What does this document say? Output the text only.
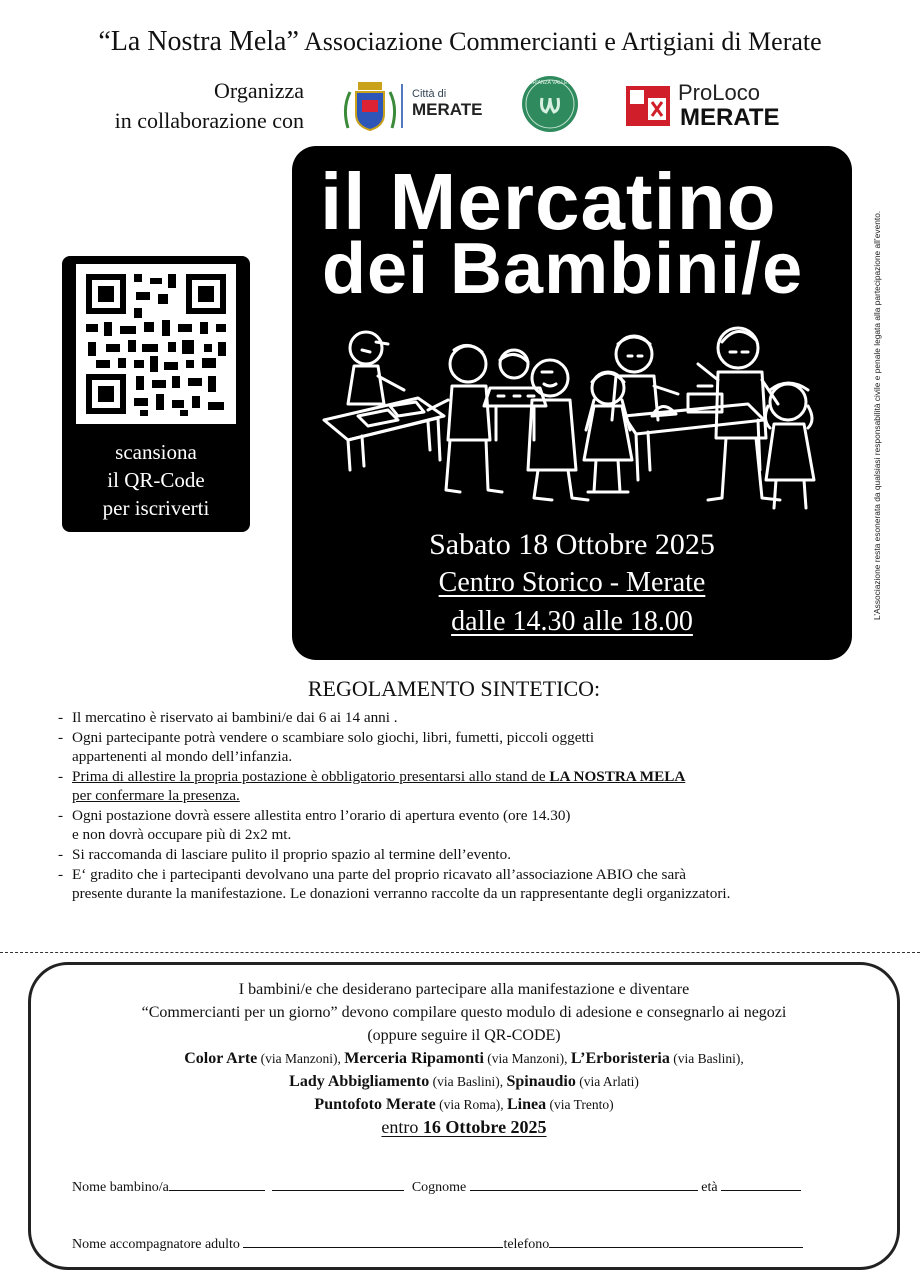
“La Nostra Mela” Associazione Commercianti e Artigiani di Merate
Organizza
in collaborazione con
Città di
MERATE
BRIANZA VALLEY	ProLoco
MERATE
scansiona
il QR-Code
per iscriverti
il Mercatino
dei Bambini/e
Sabato 18 Ottobre 2025
Centro Storico - Merate
dalle 14.30 alle 18.00
L’Associazione resta esonerata da qualsiasi responsabilità civile e penale legata alla partecipazione all’evento.
REGOLAMENTO SINTETICO:
- Il mercatino è riservato ai bambini/e dai 6 ai 14 anni .
- Ogni partecipante potrà vendere o scambiare solo giochi, libri, fumetti, piccoli oggetti
appartenenti al mondo dell’infanzia.
- Prima di allestire la propria postazione è obbligatorio presentarsi allo stand de LA NOSTRA MELA
per confermare la presenza.
- Ogni postazione dovrà essere allestita entro l’orario di apertura evento (ore 14.30)
e non dovrà occupare più di 2x2 mt.
- Si raccomanda di lasciare pulito il proprio spazio al termine dell’evento.
- E‘ gradito che i partecipanti devolvano una parte del proprio ricavato all’associazione ABIO che sarà
presente durante la manifestazione. Le donazioni verranno raccolte da un rappresentante degli organizzatori.
I bambini/e che desiderano partecipare alla manifestazione e diventare
“Commercianti per un giorno” devono compilare questo modulo di adesione e consegnarlo ai negozi
(oppure seguire il QR-CODE)
Color Arte (via Manzoni), Merceria Ripamonti (via Manzoni), L’Erboristeria (via Baslini),
Lady Abbigliamento (via Baslini), Spinaudio (via Arlati)
Puntofoto Merate (via Roma), Linea (via Trento)
entro 16 Ottobre 2025
Nome bambino/a	Cognome	età
Nome accompagnatore adulto	telefono
